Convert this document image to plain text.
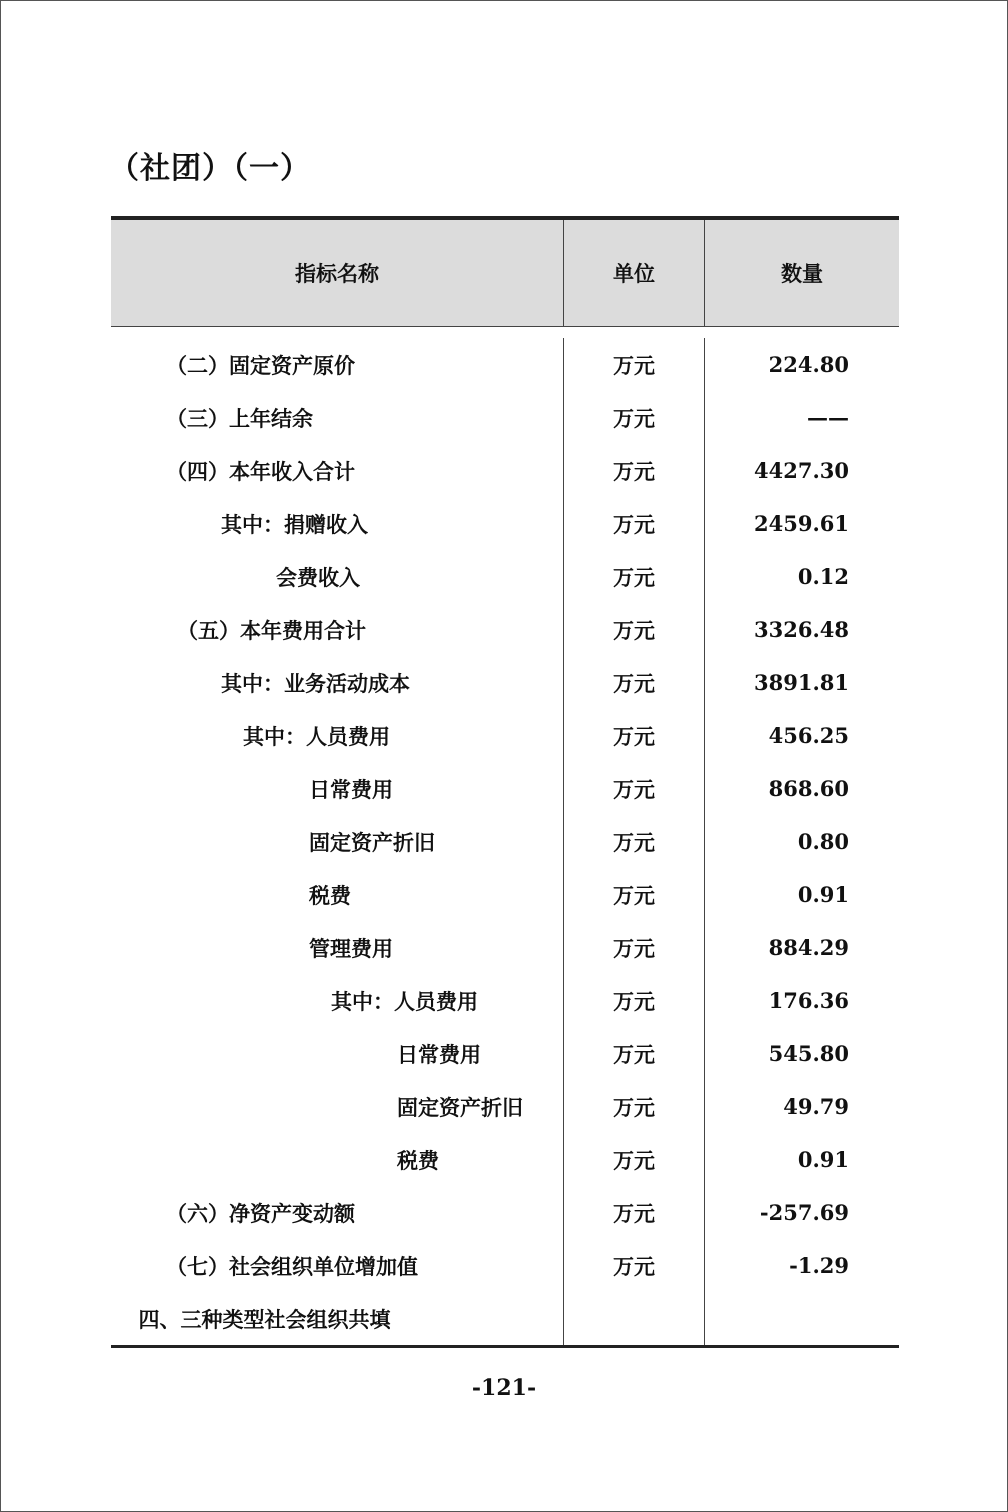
（社团）（一）
指标名称	单位	数量
（二）固定资产原价	万元	224.80
（三）上年结余	万元	——
（四）本年收入合计	万元	4427.30
其中：捐赠收入	万元	2459.61
会费收入	万元	0.12
（五）本年费用合计	万元	3326.48
其中：业务活动成本	万元	3891.81
其中：人员费用	万元	456.25
日常费用	万元	868.60
固定资产折旧	万元	0.80
税费	万元	0.91
管理费用	万元	884.29
其中：人员费用	万元	176.36
日常费用	万元	545.80
固定资产折旧	万元	49.79
税费	万元	0.91
（六）净资产变动额	万元	-257.69
（七）社会组织单位增加值	万元	-1.29
四、三种类型社会组织共填
-121-
